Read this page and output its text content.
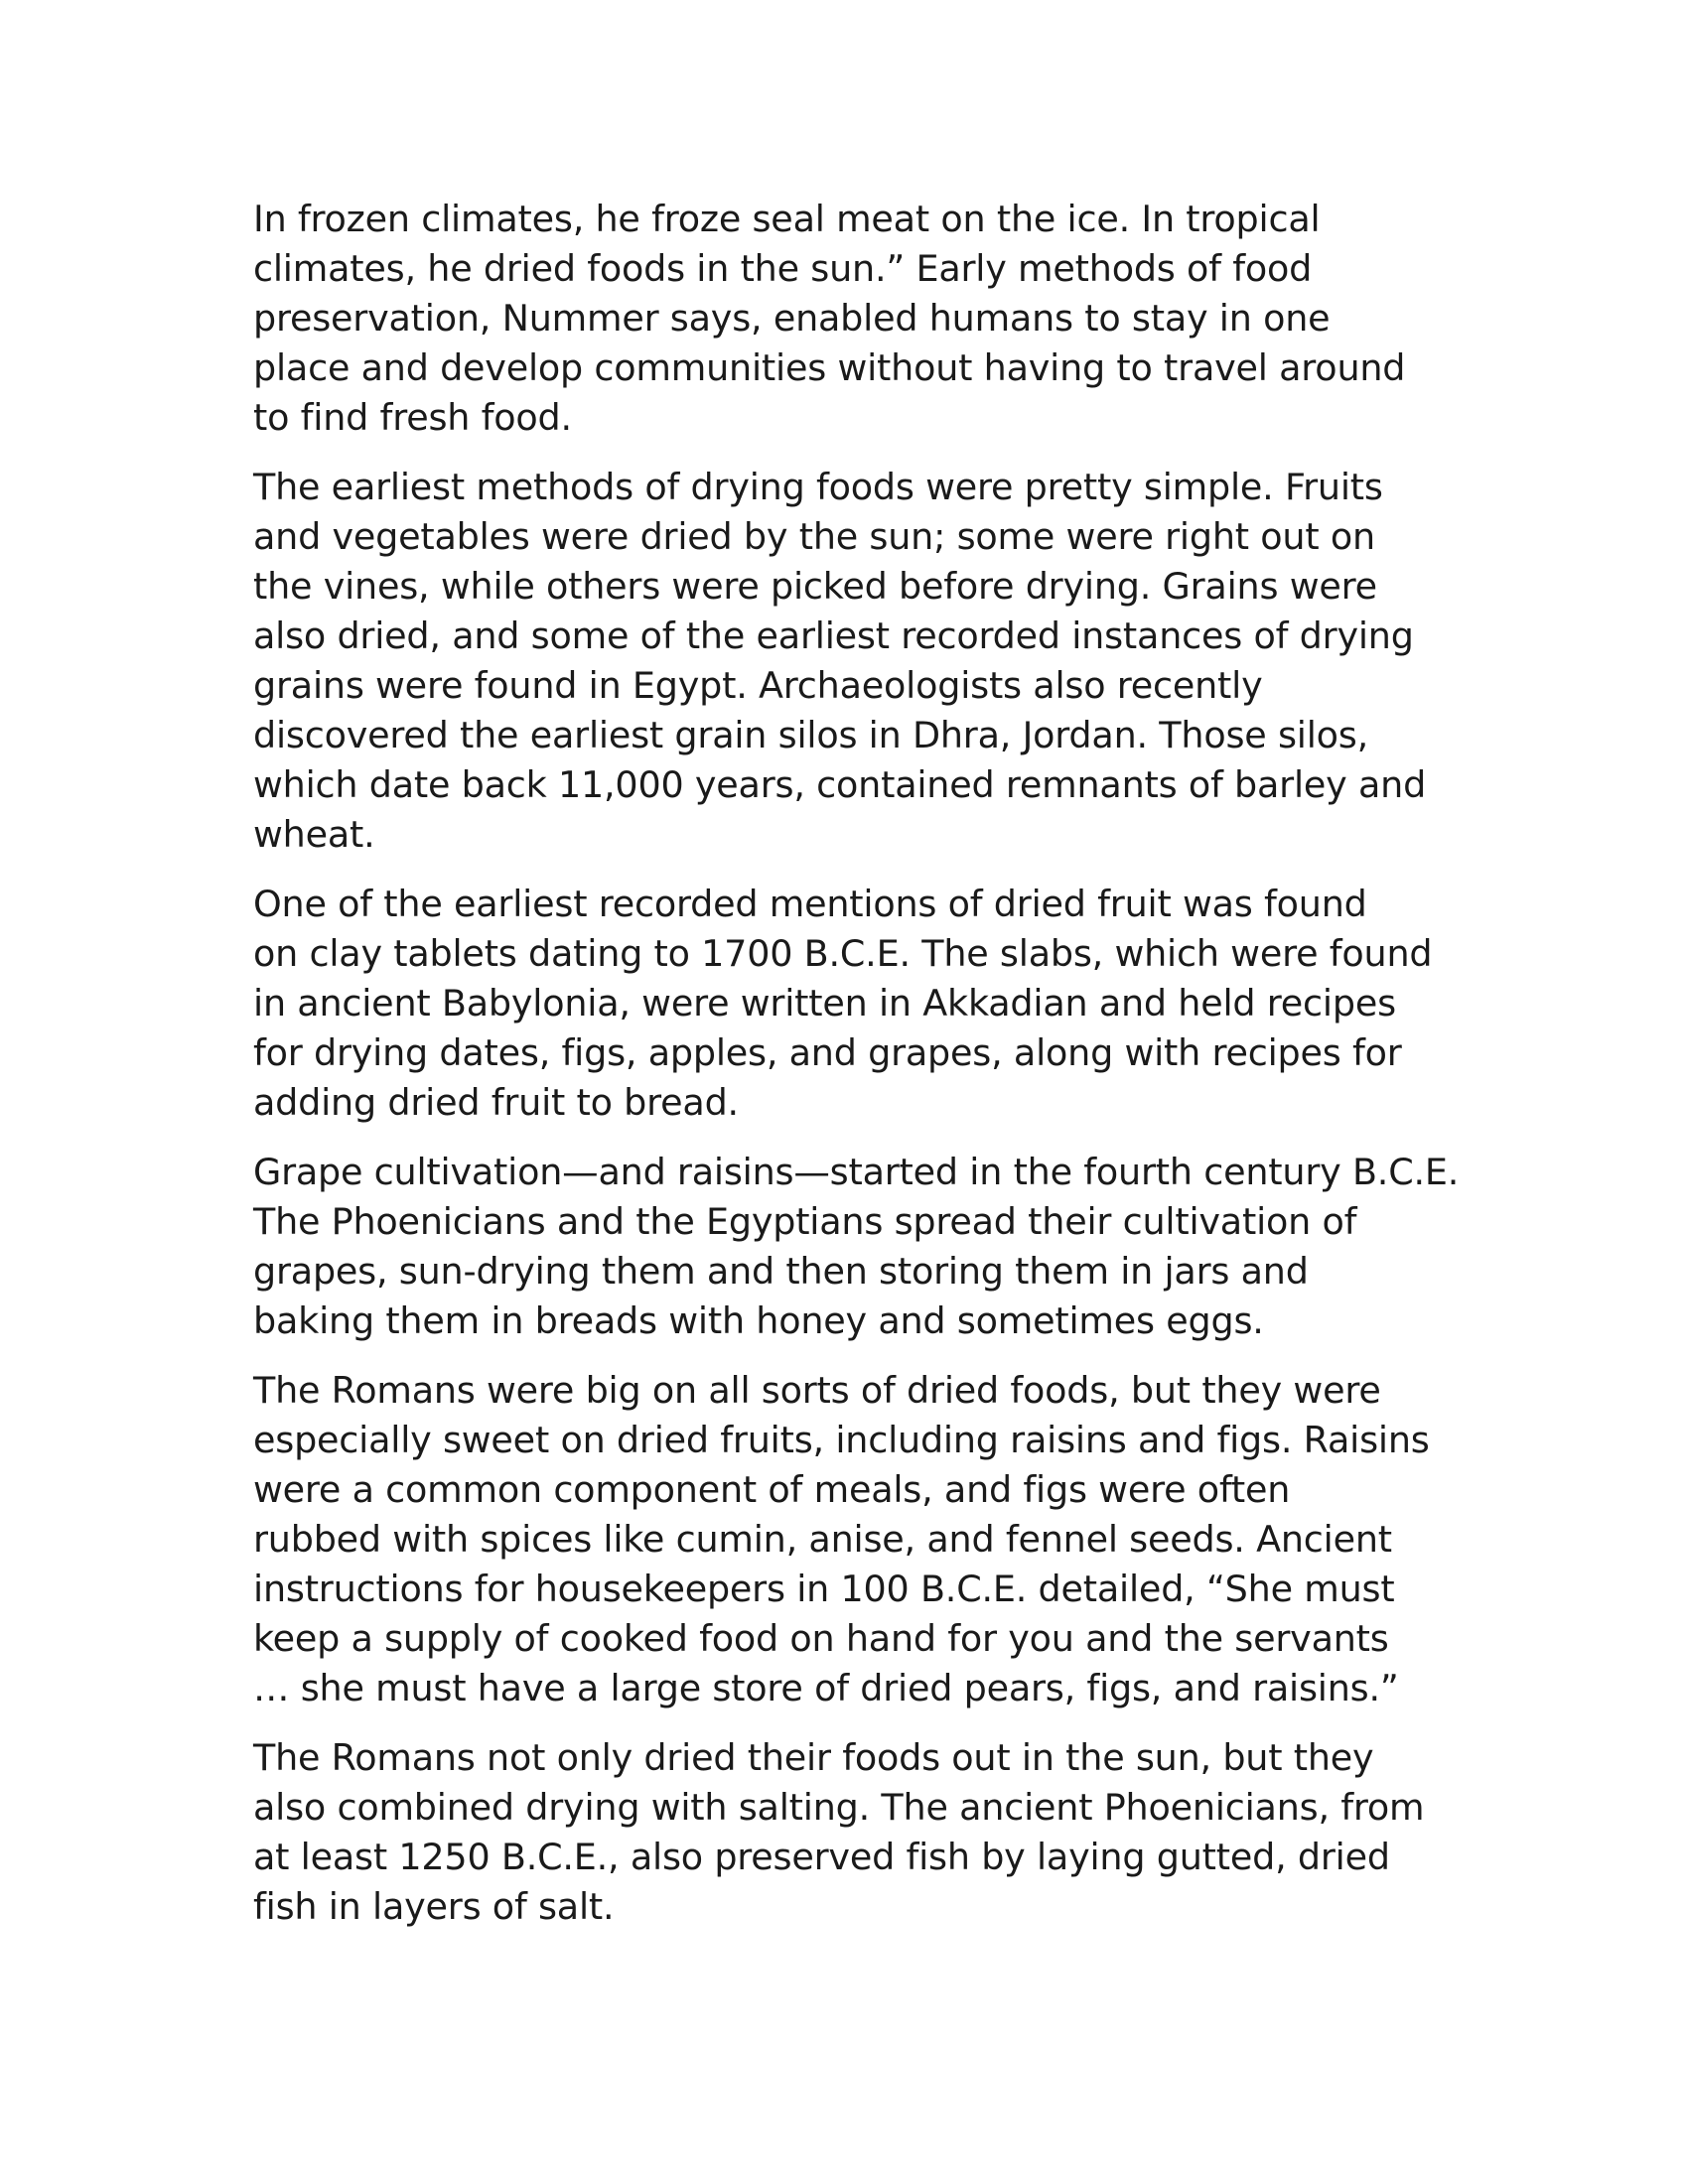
In frozen climates, he froze seal meat on the ice. In tropical
climates, he dried foods in the sun.” Early methods of food
preservation, Nummer says, enabled humans to stay in one
place and develop communities without having to travel around
to find fresh food.

The earliest methods of drying foods were pretty simple. Fruits
and vegetables were dried by the sun; some were right out on
the vines, while others were picked before drying. Grains were
also dried, and some of the earliest recorded instances of drying
grains were found in Egypt. Archaeologists also recently
discovered the earliest grain silos in Dhra, Jordan. Those silos,
which date back 11,000 years, contained remnants of barley and
wheat.

One of the earliest recorded mentions of dried fruit was found
on clay tablets dating to 1700 B.C.E. The slabs, which were found
in ancient Babylonia, were written in Akkadian and held recipes
for drying dates, figs, apples, and grapes, along with recipes for
adding dried fruit to bread.

Grape cultivation—and raisins—started in the fourth century B.C.E.
The Phoenicians and the Egyptians spread their cultivation of
grapes, sun-drying them and then storing them in jars and
baking them in breads with honey and sometimes eggs.

The Romans were big on all sorts of dried foods, but they were
especially sweet on dried fruits, including raisins and figs. Raisins
were a common component of meals, and figs were often
rubbed with spices like cumin, anise, and fennel seeds. Ancient
instructions for housekeepers in 100 B.C.E. detailed, “She must
keep a supply of cooked food on hand for you and the servants
… she must have a large store of dried pears, figs, and raisins.”

The Romans not only dried their foods out in the sun, but they
also combined drying with salting. The ancient Phoenicians, from
at least 1250 B.C.E., also preserved fish by laying gutted, dried
fish in layers of salt.
